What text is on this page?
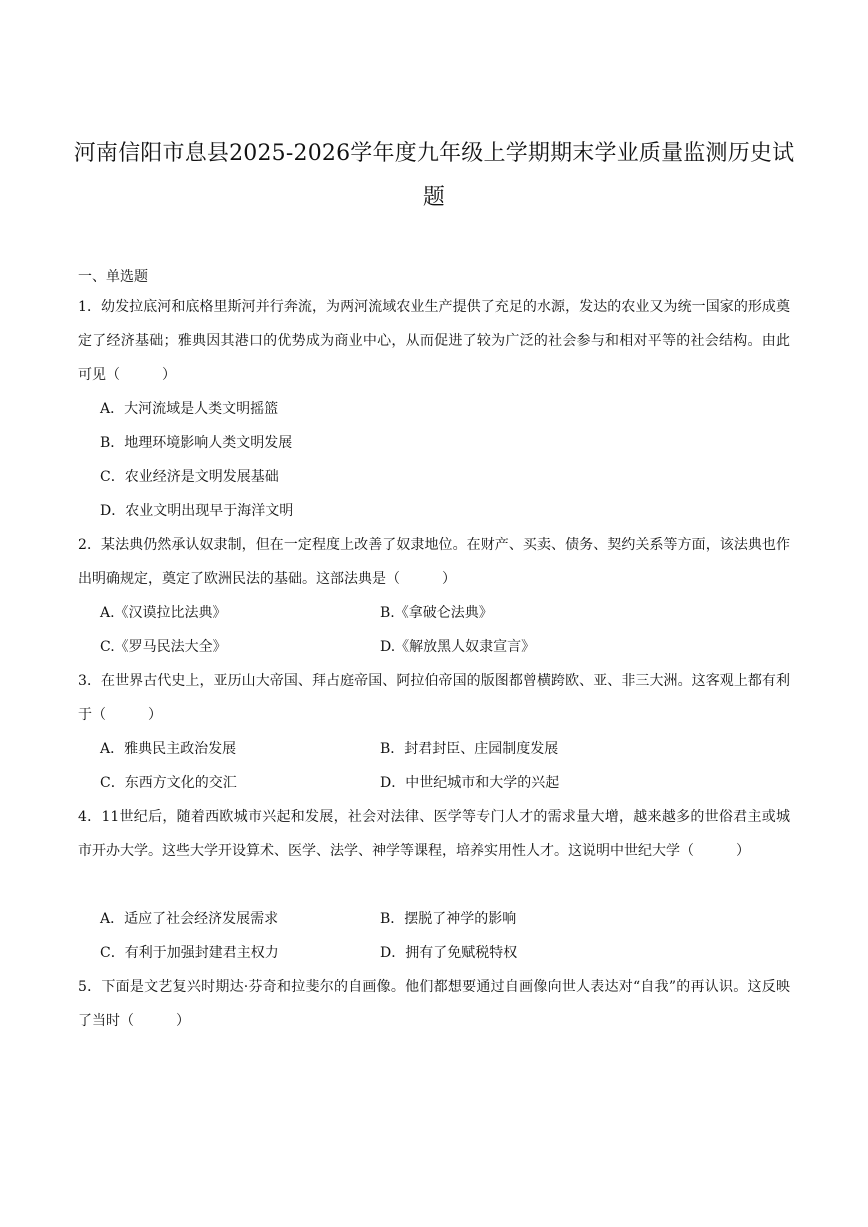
河南信阳市息县2025-2026学年度九年级上学期期末学业质量监测历史试题
一、单选题
1．幼发拉底河和底格里斯河并行奔流，为两河流域农业生产提供了充足的水源，发达的农业又为统一国家的形成奠定了经济基础；雅典因其港口的优势成为商业中心，从而促进了较为广泛的社会参与和相对平等的社会结构。由此可见（　　　）
A．大河流域是人类文明摇篮
B．地理环境影响人类文明发展
C．农业经济是文明发展基础
D．农业文明出现早于海洋文明
2．某法典仍然承认奴隶制，但在一定程度上改善了奴隶地位。在财产、买卖、债务、契约关系等方面，该法典也作出明确规定，奠定了欧洲民法的基础。这部法典是（　　　）
A.《汉谟拉比法典》	B.《拿破仑法典》
C.《罗马民法大全》	D.《解放黑人奴隶宣言》
3．在世界古代史上，亚历山大帝国、拜占庭帝国、阿拉伯帝国的版图都曾横跨欧、亚、非三大洲。这客观上都有利于（　　　）
A．雅典民主政治发展	B．封君封臣、庄园制度发展
C．东西方文化的交汇	D．中世纪城市和大学的兴起
4．11世纪后，随着西欧城市兴起和发展，社会对法律、医学等专门人才的需求量大增，越来越多的世俗君主或城市开办大学。这些大学开设算术、医学、法学、神学等课程，培养实用性人才。这说明中世纪大学（　　　）
A．适应了社会经济发展需求	B．摆脱了神学的影响
C．有利于加强封建君主权力	D．拥有了免赋税特权
5．下面是文艺复兴时期达·芬奇和拉斐尔的自画像。他们都想要通过自画像向世人表达对“自我”的再认识。这反映了当时（　　　）
